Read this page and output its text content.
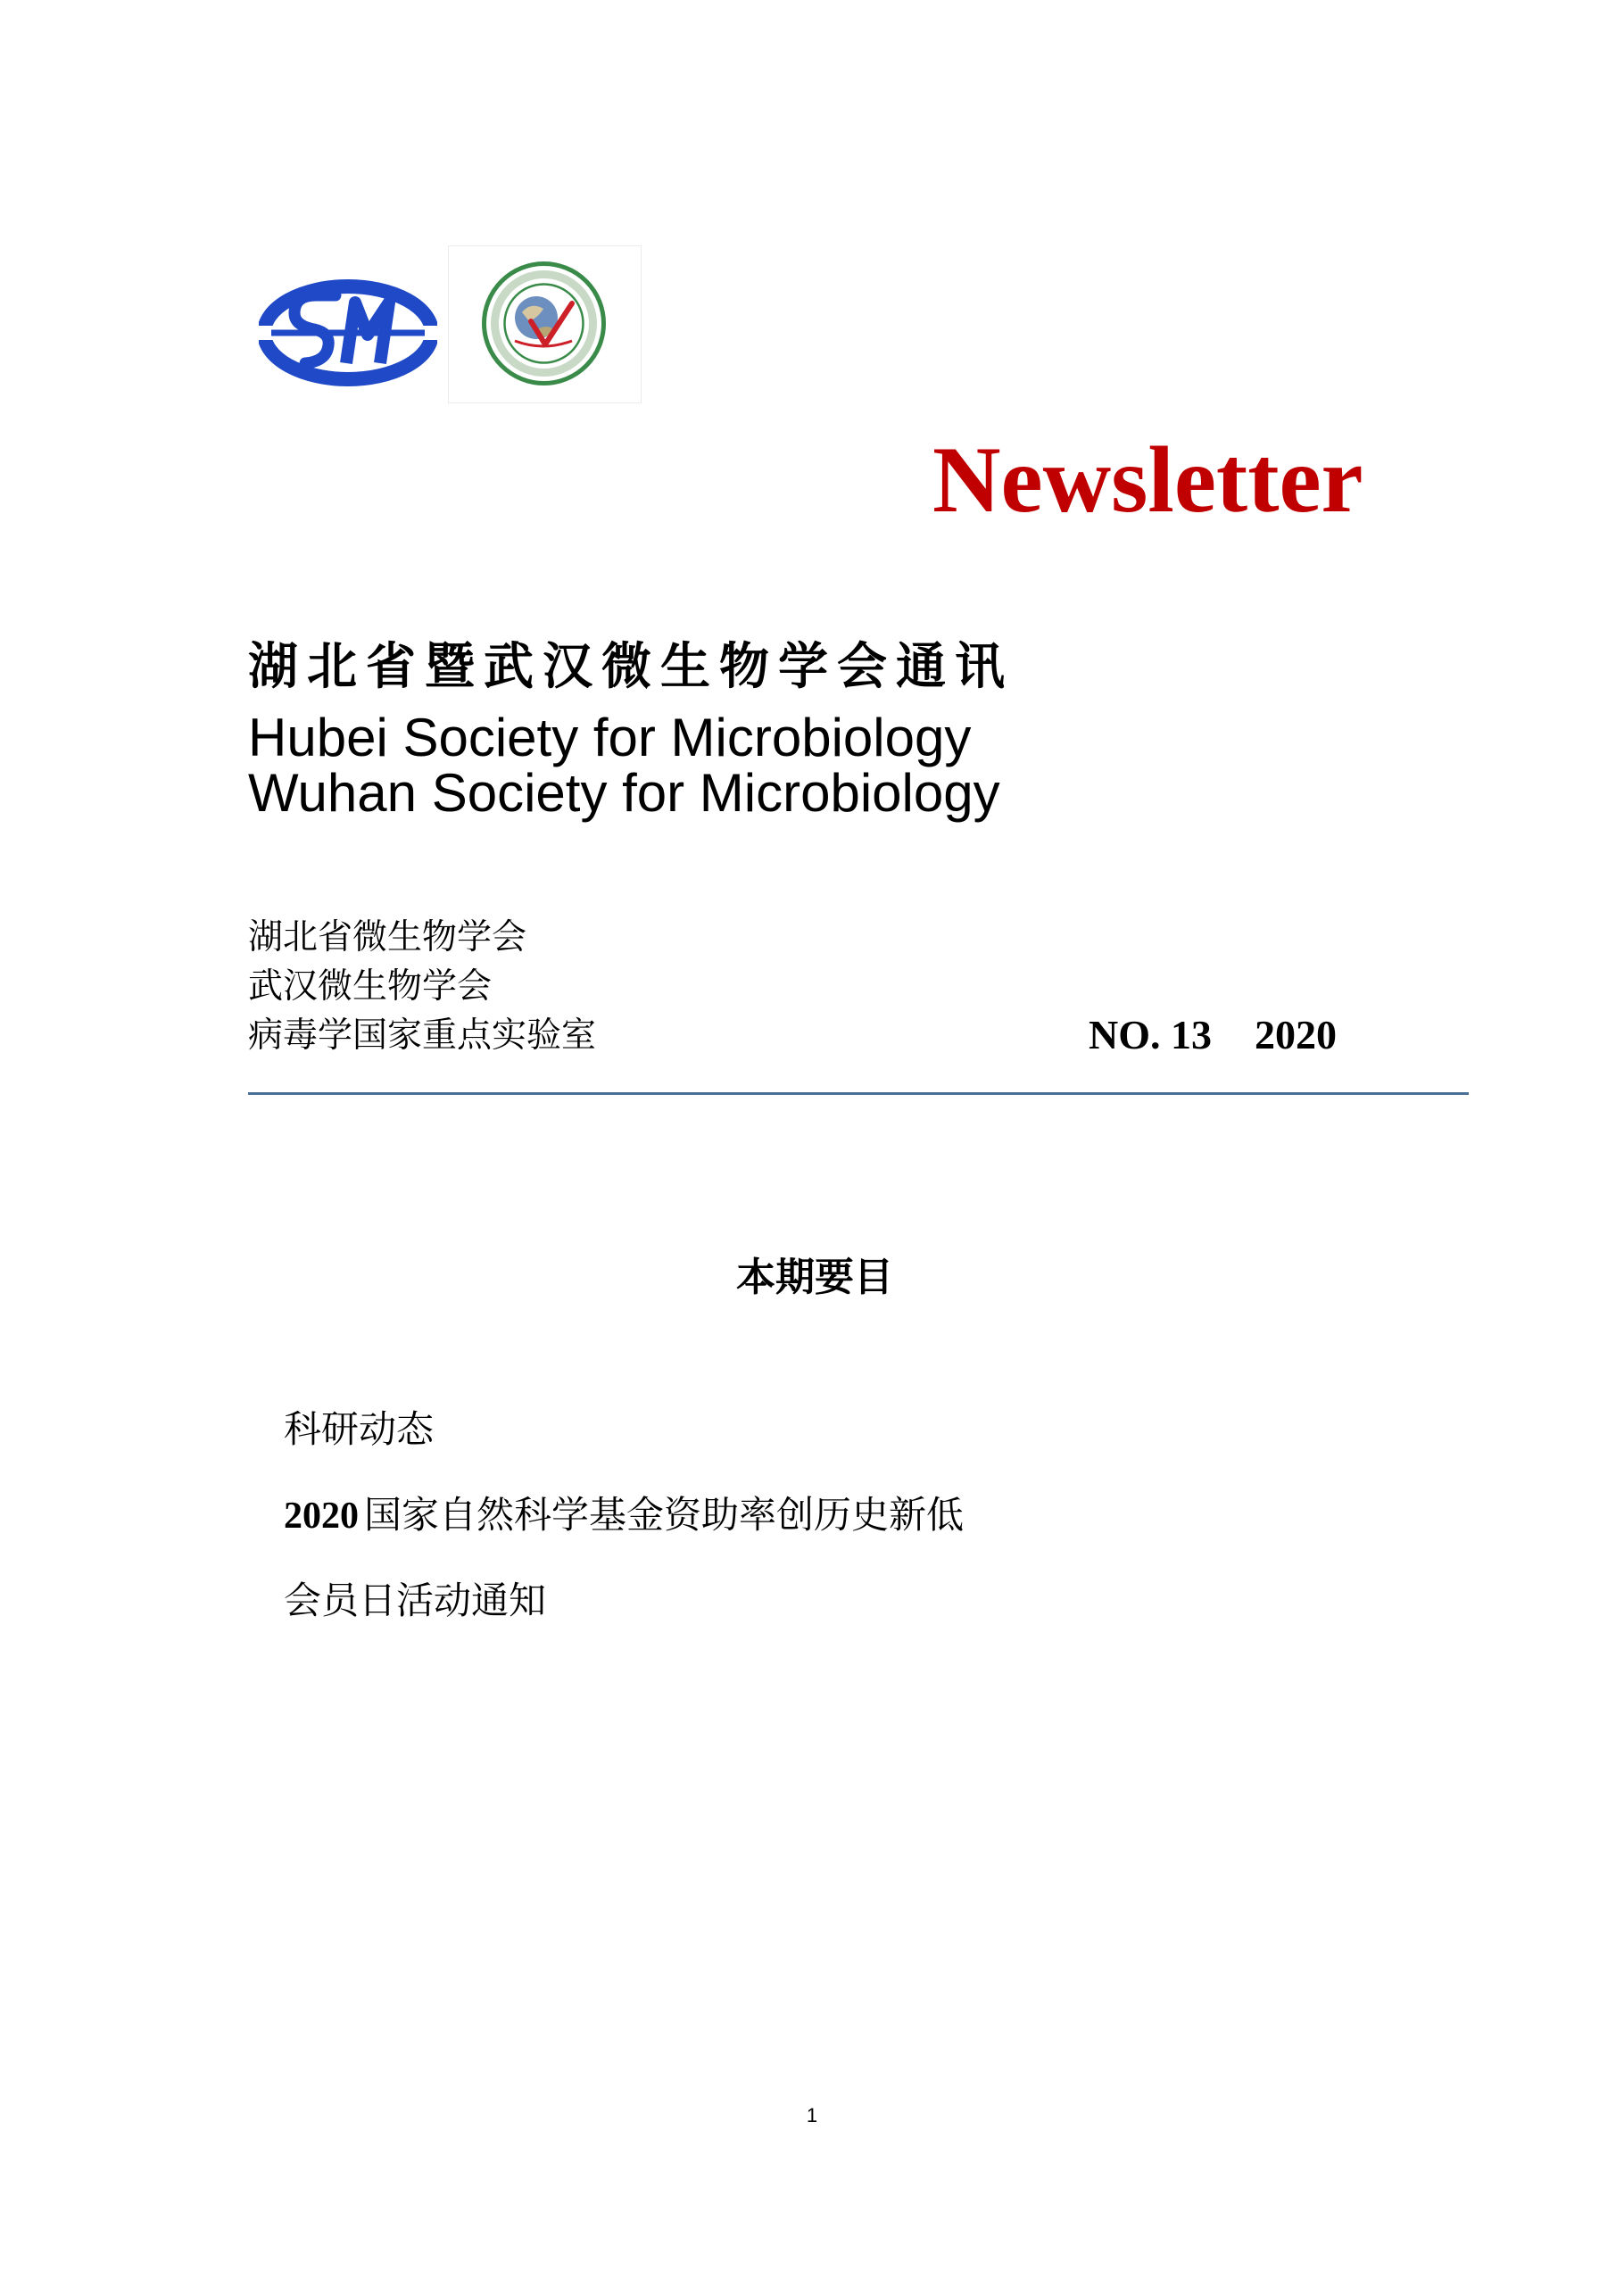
Newsletter
湖北省暨武汉微生物学会通讯
Hubei Society for Microbiology
Wuhan Society for Microbiology
湖北省微生物学会
武汉微生物学会
病毒学国家重点实验室	NO. 13 2020
本期要目
科研动态
2020 国家自然科学基金资助率创历史新低
会员日活动通知
1
